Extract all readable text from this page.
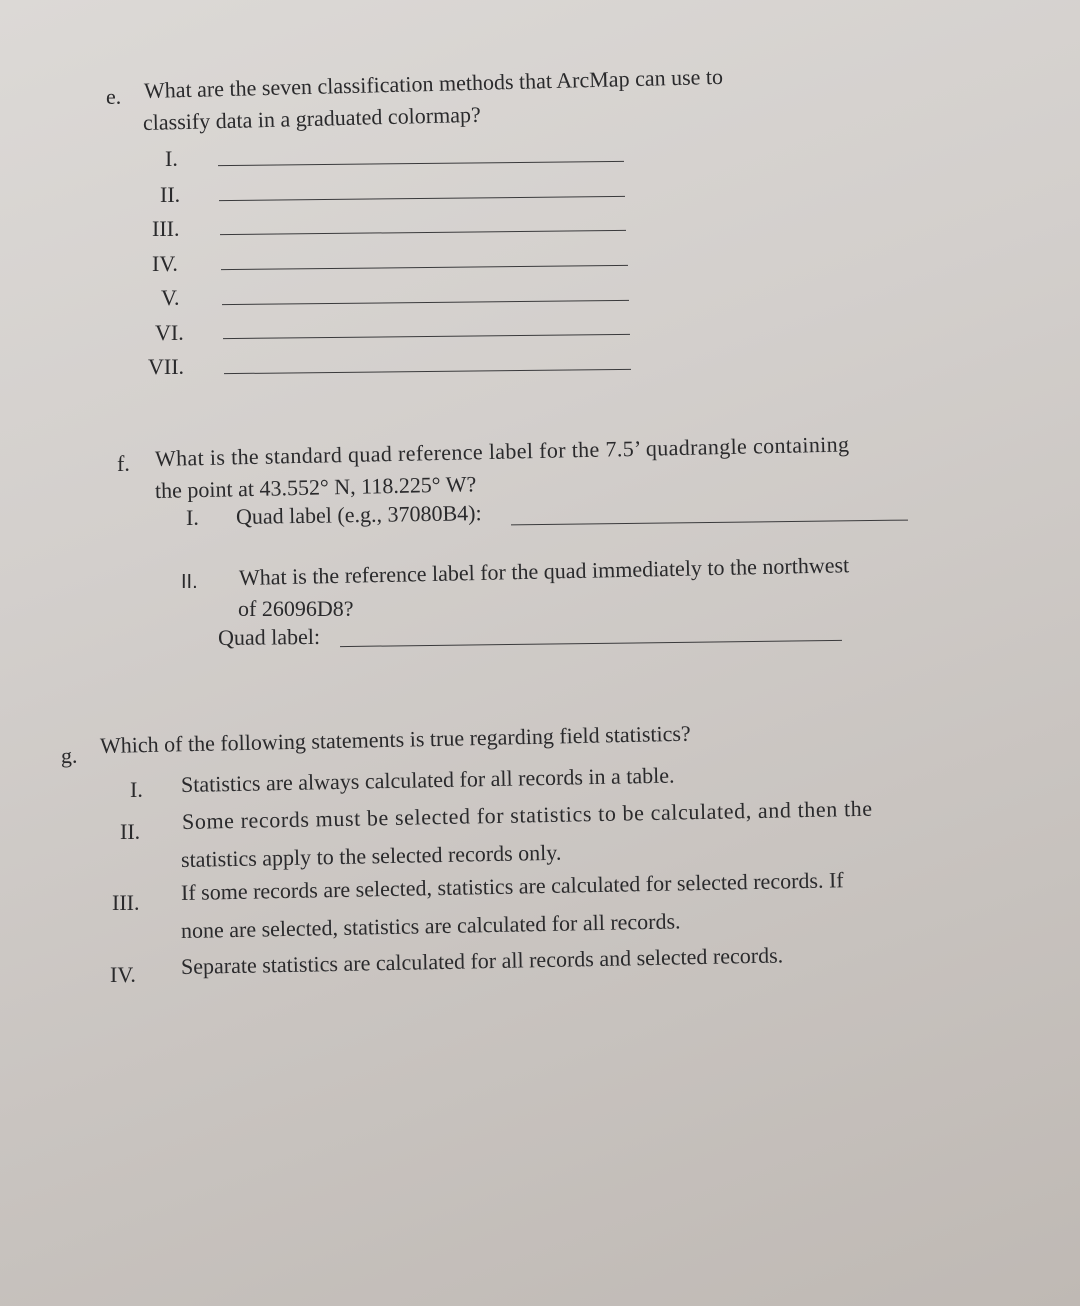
e. What are the seven classification methods that ArcMap can use to
classify data in a graduated colormap?
I.
II.
III.
IV.
V.
VI.
VII.
f. What is the standard quad reference label for the 7.5’ quadrangle containing
the point at 43.552° N, 118.225° W?
I. Quad label (e.g., 37080B4):
II. What is the reference label for the quad immediately to the northwest
of 26096D8?
Quad label:
g. Which of the following statements is true regarding field statistics?
I. Statistics are always calculated for all records in a table.
II. Some records must be selected for statistics to be calculated, and then the
statistics apply to the selected records only.
III. If some records are selected, statistics are calculated for selected records. If
none are selected, statistics are calculated for all records.
IV. Separate statistics are calculated for all records and selected records.
